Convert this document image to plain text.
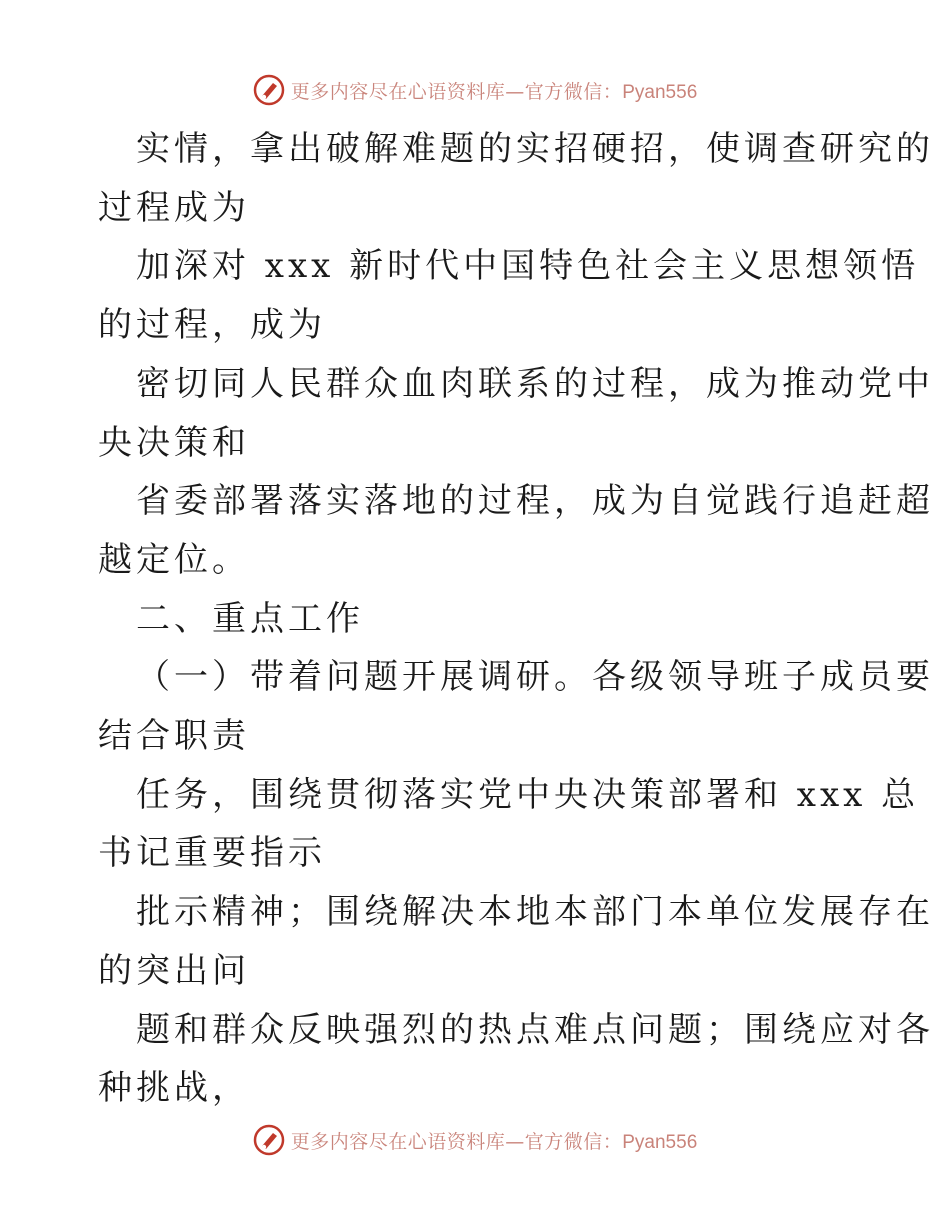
更多内容尽在心语资料库—官方微信：Pyan556

实情，拿出破解难题的实招硬招，使调查研究的
过程成为

加深对 xxx 新时代中国特色社会主义思想领悟
的过程，成为

密切同人民群众血肉联系的过程，成为推动党中
央决策和

省委部署落实落地的过程，成为自觉践行追赶超
越定位。

二、重点工作

（一）带着问题开展调研。各级领导班子成员要
结合职责

任务，围绕贯彻落实党中央决策部署和 xxx 总
书记重要指示

批示精神；围绕解决本地本部门本单位发展存在
的突出问

题和群众反映强烈的热点难点问题；围绕应对各
种挑战，

更多内容尽在心语资料库—官方微信：Pyan556
